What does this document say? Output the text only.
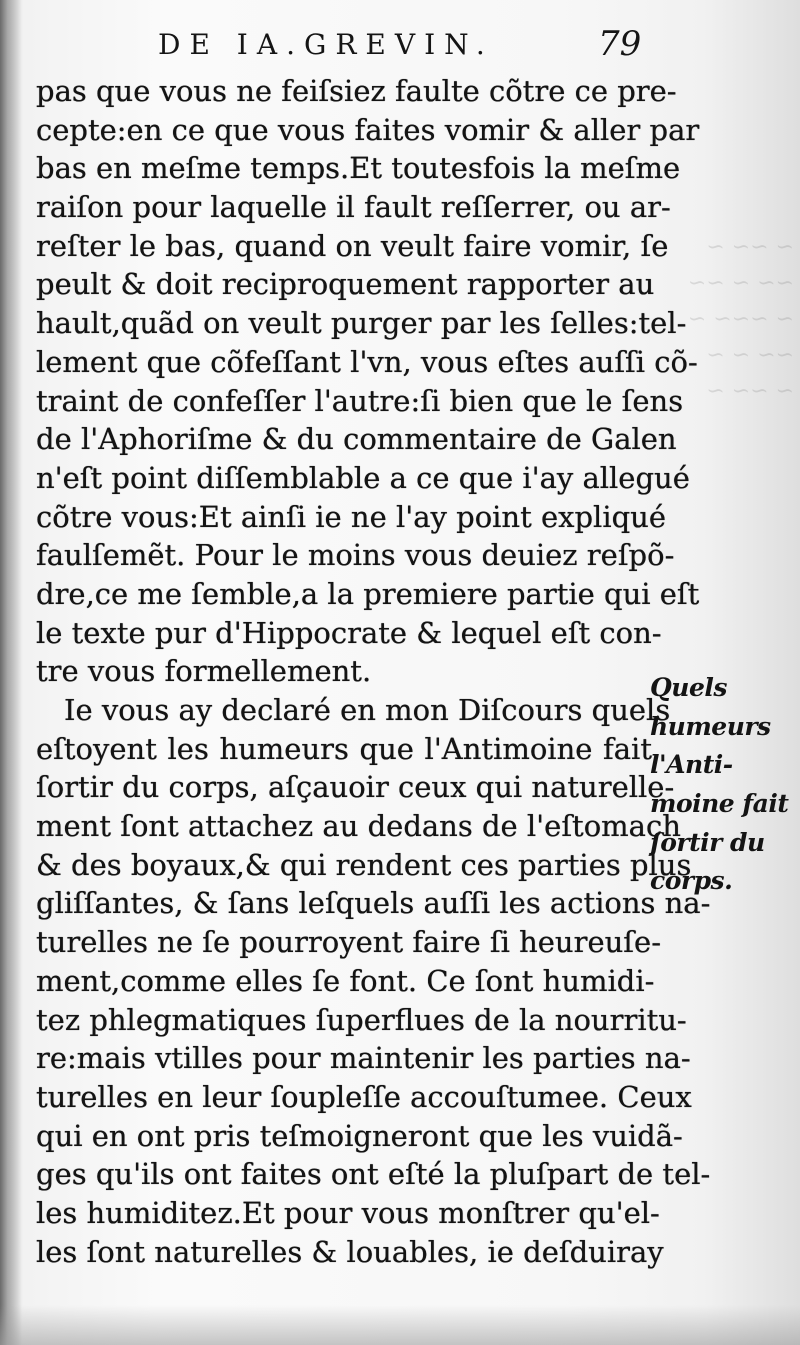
~ ~~ ~
~~ ~ ~~
~ ~~~ ~
~~ ~ ~
~ ~~ ~
DE IA.GREVIN.	79
pas que vous ne feiſsiez faulte cõtre ce pre-
cepte:en ce que vous faites vomir & aller par
bas en meſme temps.Et toutesfois la meſme
raiſon pour laquelle il fault reſſerrer, ou ar-
reſter le bas, quand on veult faire vomir, ſe
peult & doit reciproquement rapporter au
hault,quãd on veult purger par les ſelles:tel-
lement que cõfeſſant l'vn, vous eſtes auſſi cõ-
traint de confeſſer l'autre:ſi bien que le ſens
de l'Aphoriſme & du commentaire de Galen
n'eſt point diſſemblable a ce que i'ay allegué
cõtre vous:Et ainſi ie ne l'ay point expliqué
faulſemẽt. Pour le moins vous deuiez reſpõ-
dre,ce me ſemble,a la premiere partie qui eſt
le texte pur d'Hippocrate & lequel eſt con-
tre vous formellement.
Ie vous ay declaré en mon Diſcours quels
eſtoyent les humeurs que l'Antimoine fait
ſortir du corps, aſçauoir ceux qui naturelle-
ment ſont attachez au dedans de l'eſtomach
& des boyaux,& qui rendent ces parties plus
gliſſantes, & ſans leſquels auſſi les actions na-
turelles ne ſe pourroyent faire ſi heureuſe-
ment,comme elles ſe font. Ce ſont humidi-
tez phlegmatiques ſuperflues de la nourritu-
re:mais vtilles pour maintenir les parties na-
turelles en leur ſoupleſſe accouſtumee. Ceux
qui en ont pris teſmoigneront que les vuidã-
ges qu'ils ont faites ont eſté la pluſpart de tel-
les humiditez.Et pour vous monſtrer qu'el-
les ſont naturelles & louables, ie deſduiray
Quels
humeurs
l'Anti-
moine fait
ſortir du
corps.
